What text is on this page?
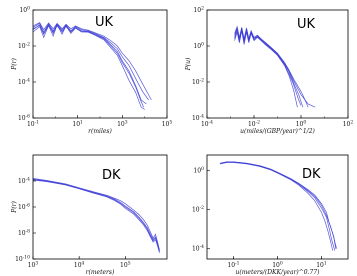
$10^{-1}$	$10^1$	$10^3$	$10^5$
$10^0$
$10^{-2}$
$10^{-4}$
$10^{-6}$
r(miles)
P(r)
UK
$10^{-4}$	$10^{-2}$	$10^0$	$10^2$
$10^2$
$10^0$
$10^{-2}$
$10^{-4}$
u(miles/(GBP/year)^1/2)
P(u)
UK
$10^3$	$10^4$	$10^5$
$10^{-4}$
$10^{-6}$
$10^{-8}$
$10^{-10}$
r(meters)
P(r)
DK
$10^{-1}$	$10^0$	$10^1$
$10^0$
$10^{-2}$
$10^{-4}$
u(meters/(DKK/year)^0.77)
DK
